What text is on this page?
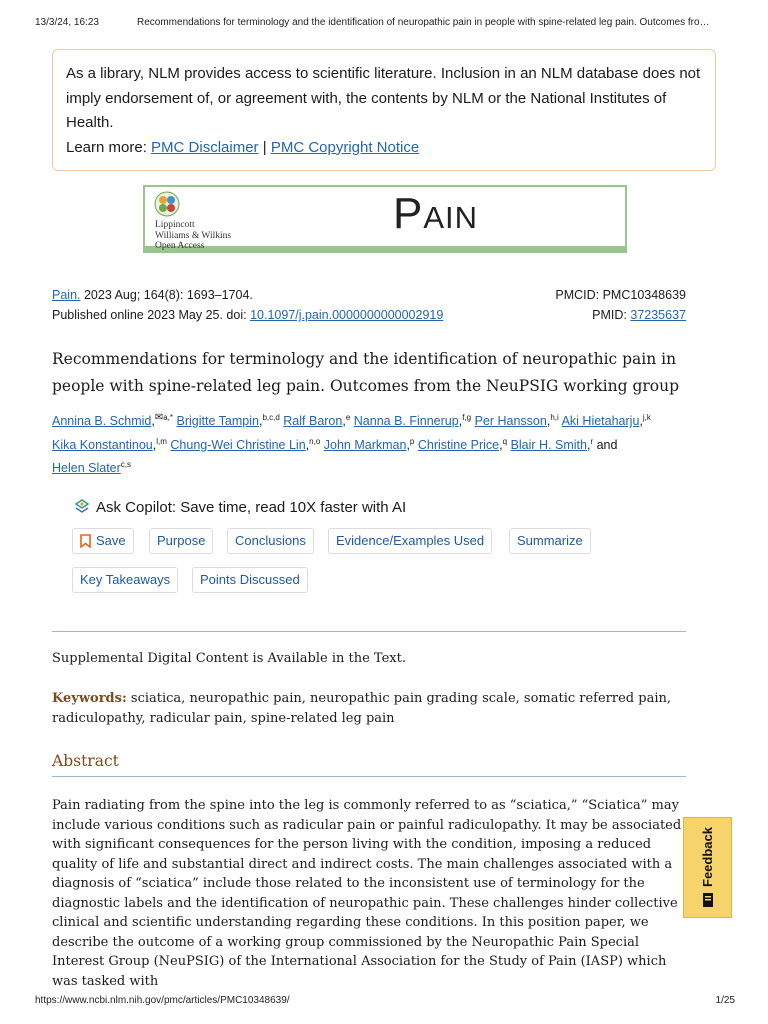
13/3/24, 16:23	Recommendations for terminology and the identification of neuropathic pain in people with spine-related leg pain. Outcomes fro…
As a library, NLM provides access to scientific literature. Inclusion in an NLM database does not imply endorsement of, or agreement with, the contents by NLM or the National Institutes of Health.
Learn more: PMC Disclaimer | PMC Copyright Notice
Lippincott
Williams & Wilkins
Open Access
Pain
Pain. 2023 Aug; 164(8): 1693–1704.	PMCID: PMC10348639
Published online 2023 May 25. doi: 10.1097/j.pain.0000000000002919	PMID: 37235637
Recommendations for terminology and the identification of neuropathic pain in people with spine-related leg pain. Outcomes from the NeuPSIG working group
Annina B. Schmid,$^{✉a,*}$ Brigitte Tampin,$^{b,c,d}$ Ralf Baron,$^e$ Nanna B. Finnerup,$^{f,g}$ Per Hansson,$^{h,i}$ Aki Hietaharju,$^{j,k}$
Kika Konstantinou,$^{l,m}$ Chung-Wei Christine Lin,$^{n,o}$ John Markman,$^p$ Christine Price,$^q$ Blair H. Smith,$^r$ and
Helen Slater$^{c,s}$
Ask Copilot: Save time, read 10X faster with AI
Save Purpose Conclusions Evidence/Examples Used	Summarize
Key Takeaways Points Discussed
Supplemental Digital Content is Available in the Text.
Keywords: sciatica, neuropathic pain, neuropathic pain grading scale, somatic referred pain, radiculopathy, radicular pain, spine-related leg pain
Abstract

Pain radiating from the spine into the leg is commonly referred to as “sciatica,” “Sciatica” may include various conditions such as radicular pain or painful radiculopathy. It may be associated with significant consequences for the person living with the condition, imposing a reduced quality of life and substantial direct and indirect costs. The main challenges associated with a diagnosis of “sciatica” include those related to the inconsistent use of terminology for the diagnostic labels and the identification of neuropathic pain. These challenges hinder collective clinical and scientific understanding regarding these conditions. In this position paper, we describe the outcome of a working group commissioned by the Neuropathic Pain Special Interest Group (NeuPSIG) of the International Association for the Study of Pain (IASP) which was tasked with

Feedback
https://www.ncbi.nlm.nih.gov/pmc/articles/PMC10348639/	1/25
